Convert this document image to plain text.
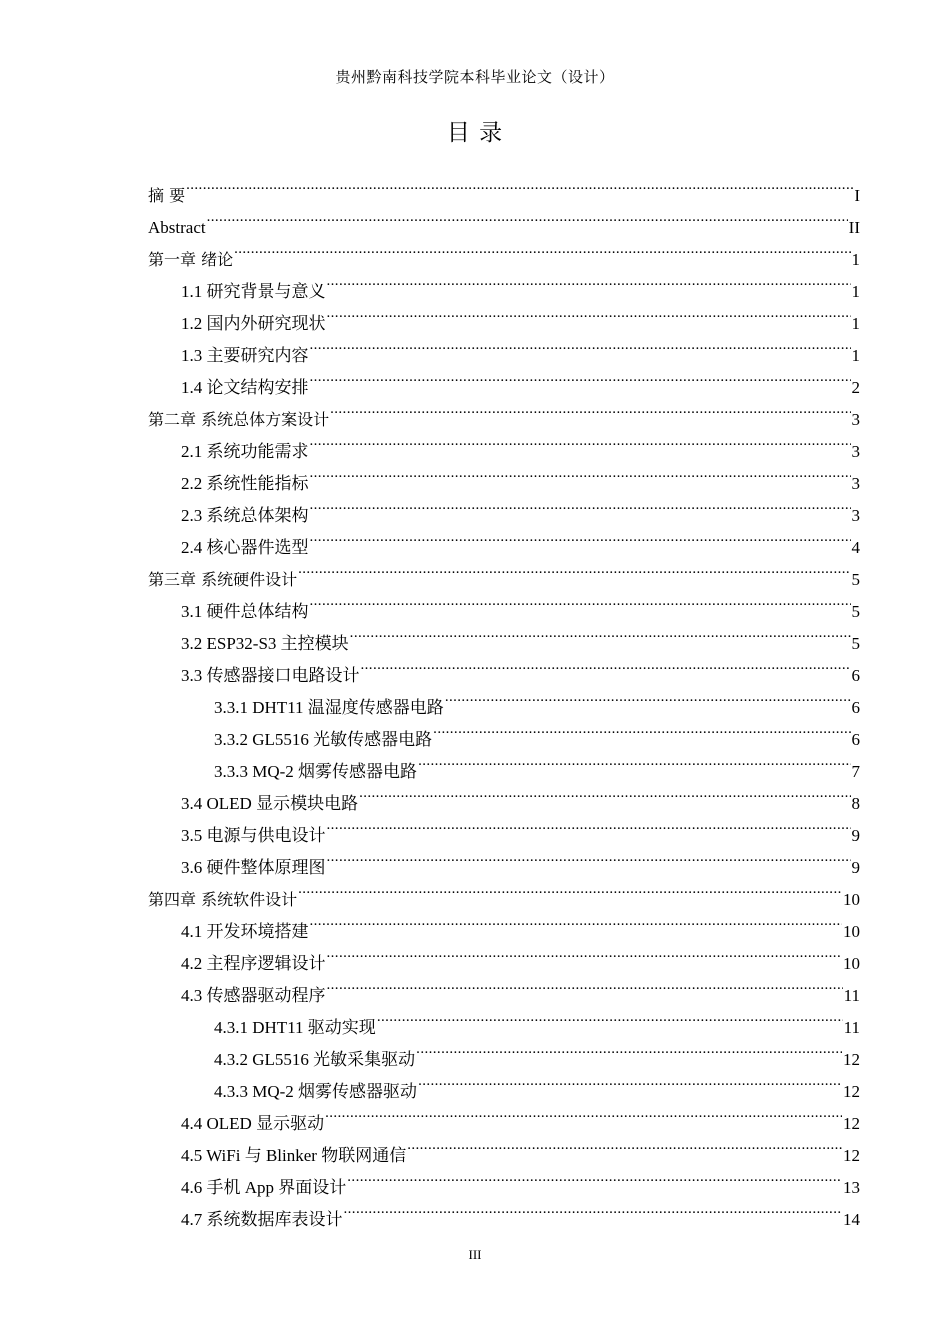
贵州黔南科技学院本科毕业论文（设计）
目 录
摘 要 .....	I
Abstract .....	II
第一章 绪论 .....	1
1.1 研究背景与意义 .....	1
1.2 国内外研究现状 .....	1
1.3 主要研究内容 .....	1
1.4 论文结构安排 .....	2
第二章 系统总体方案设计 .....	3
2.1 系统功能需求 .....	3
2.2 系统性能指标 .....	3
2.3 系统总体架构 .....	3
2.4 核心器件选型 .....	4
第三章 系统硬件设计 .....	5
3.1 硬件总体结构 .....	5
3.2 ESP32-S3 主控模块 .....	5
3.3 传感器接口电路设计 .....	6
3.3.1 DHT11 温湿度传感器电路 .....	6
3.3.2 GL5516 光敏传感器电路 .....	6
3.3.3 MQ-2 烟雾传感器电路 .....	7
3.4 OLED 显示模块电路 .....	8
3.5 电源与供电设计 .....	9
3.6 硬件整体原理图 .....	9
第四章 系统软件设计 .....	10
4.1 开发环境搭建 .....	10
4.2 主程序逻辑设计 .....	10
4.3 传感器驱动程序 .....	11
4.3.1 DHT11 驱动实现 .....	11
4.3.2 GL5516 光敏采集驱动 .....	12
4.3.3 MQ-2 烟雾传感器驱动 .....	12
4.4 OLED 显示驱动 .....	12
4.5 WiFi 与 Blinker 物联网通信 .....	12
4.6 手机 App 界面设计 .....	13
4.7 系统数据库表设计 .....	14
III
